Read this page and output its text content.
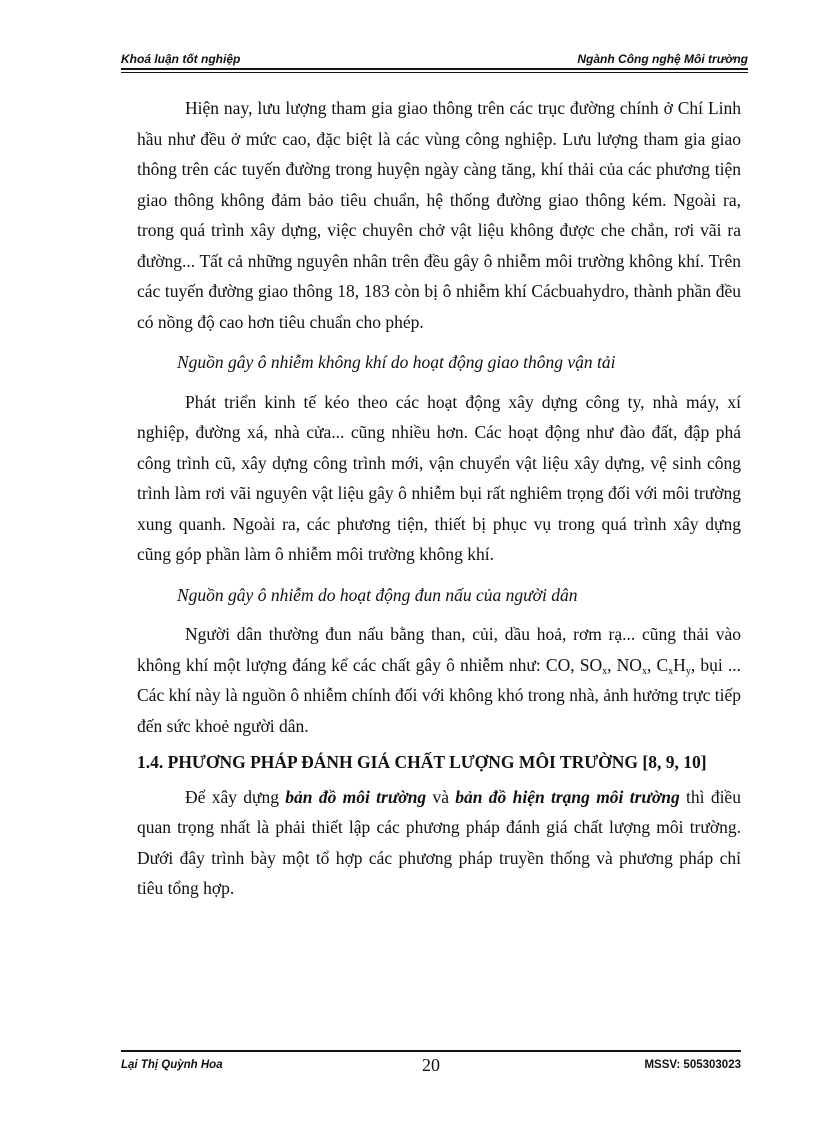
Khoá luận tốt nghiệp	Ngành Công nghệ Môi trường

Hiện nay, lưu lượng tham gia giao thông trên các trục đường chính ở Chí Linh hầu như đều ở mức cao, đặc biệt là các vùng công nghiệp. Lưu lượng tham gia giao thông trên các tuyến đường trong huyện ngày càng tăng, khí thải của các phương tiện giao thông không đảm bảo tiêu chuẩn, hệ thống đường giao thông kém. Ngoài ra, trong quá trình xây dựng, việc chuyên chở vật liệu không được che chắn, rơi vãi ra đường... Tất cả những nguyên nhân trên đều gây ô nhiễm môi trường không khí. Trên các tuyến đường giao thông 18, 183 còn bị ô nhiễm khí Cácbuahydro, thành phần đều có nồng độ cao hơn tiêu chuẩn cho phép.

Nguồn gây ô nhiễm không khí do hoạt động giao thông vận tải

Phát triển kinh tế kéo theo các hoạt động xây dựng công ty, nhà máy, xí nghiệp, đường xá, nhà cửa... cũng nhiều hơn. Các hoạt động như đào đất, đập phá công trình cũ, xây dựng công trình mới, vận chuyển vật liệu xây dựng, vệ sinh công trình làm rơi vãi nguyên vật liệu gây ô nhiễm bụi rất nghiêm trọng đối với môi trường xung quanh. Ngoài ra, các phương tiện, thiết bị phục vụ trong quá trình xây dựng cũng góp phần làm ô nhiễm môi trường không khí.

Nguồn gây ô nhiễm do hoạt động đun nấu của người dân

Người dân thường đun nấu bằng than, củi, dầu hoả, rơm rạ... cũng thải vào không khí một lượng đáng kể các chất gây ô nhiễm như: CO, $SO_x$, $NO_x$, $C_xH_y$, bụi ... Các khí này là nguồn ô nhiễm chính đối với không khó trong nhà, ảnh hưởng trực tiếp đến sức khoẻ người dân.

1.4. PHƯƠNG PHÁP ĐÁNH GIÁ CHẤT LƯỢNG MÔI TRƯỜNG [8, 9, 10]

Để xây dựng bản đồ môi trường và bản đồ hiện trạng môi trường thì điều quan trọng nhất là phải thiết lập các phương pháp đánh giá chất lượng môi trường. Dưới đây trình bày một tổ hợp các phương pháp truyền thống và phương pháp chỉ tiêu tổng hợp.

Lại Thị Quỳnh Hoa	20	MSSV: 505303023
